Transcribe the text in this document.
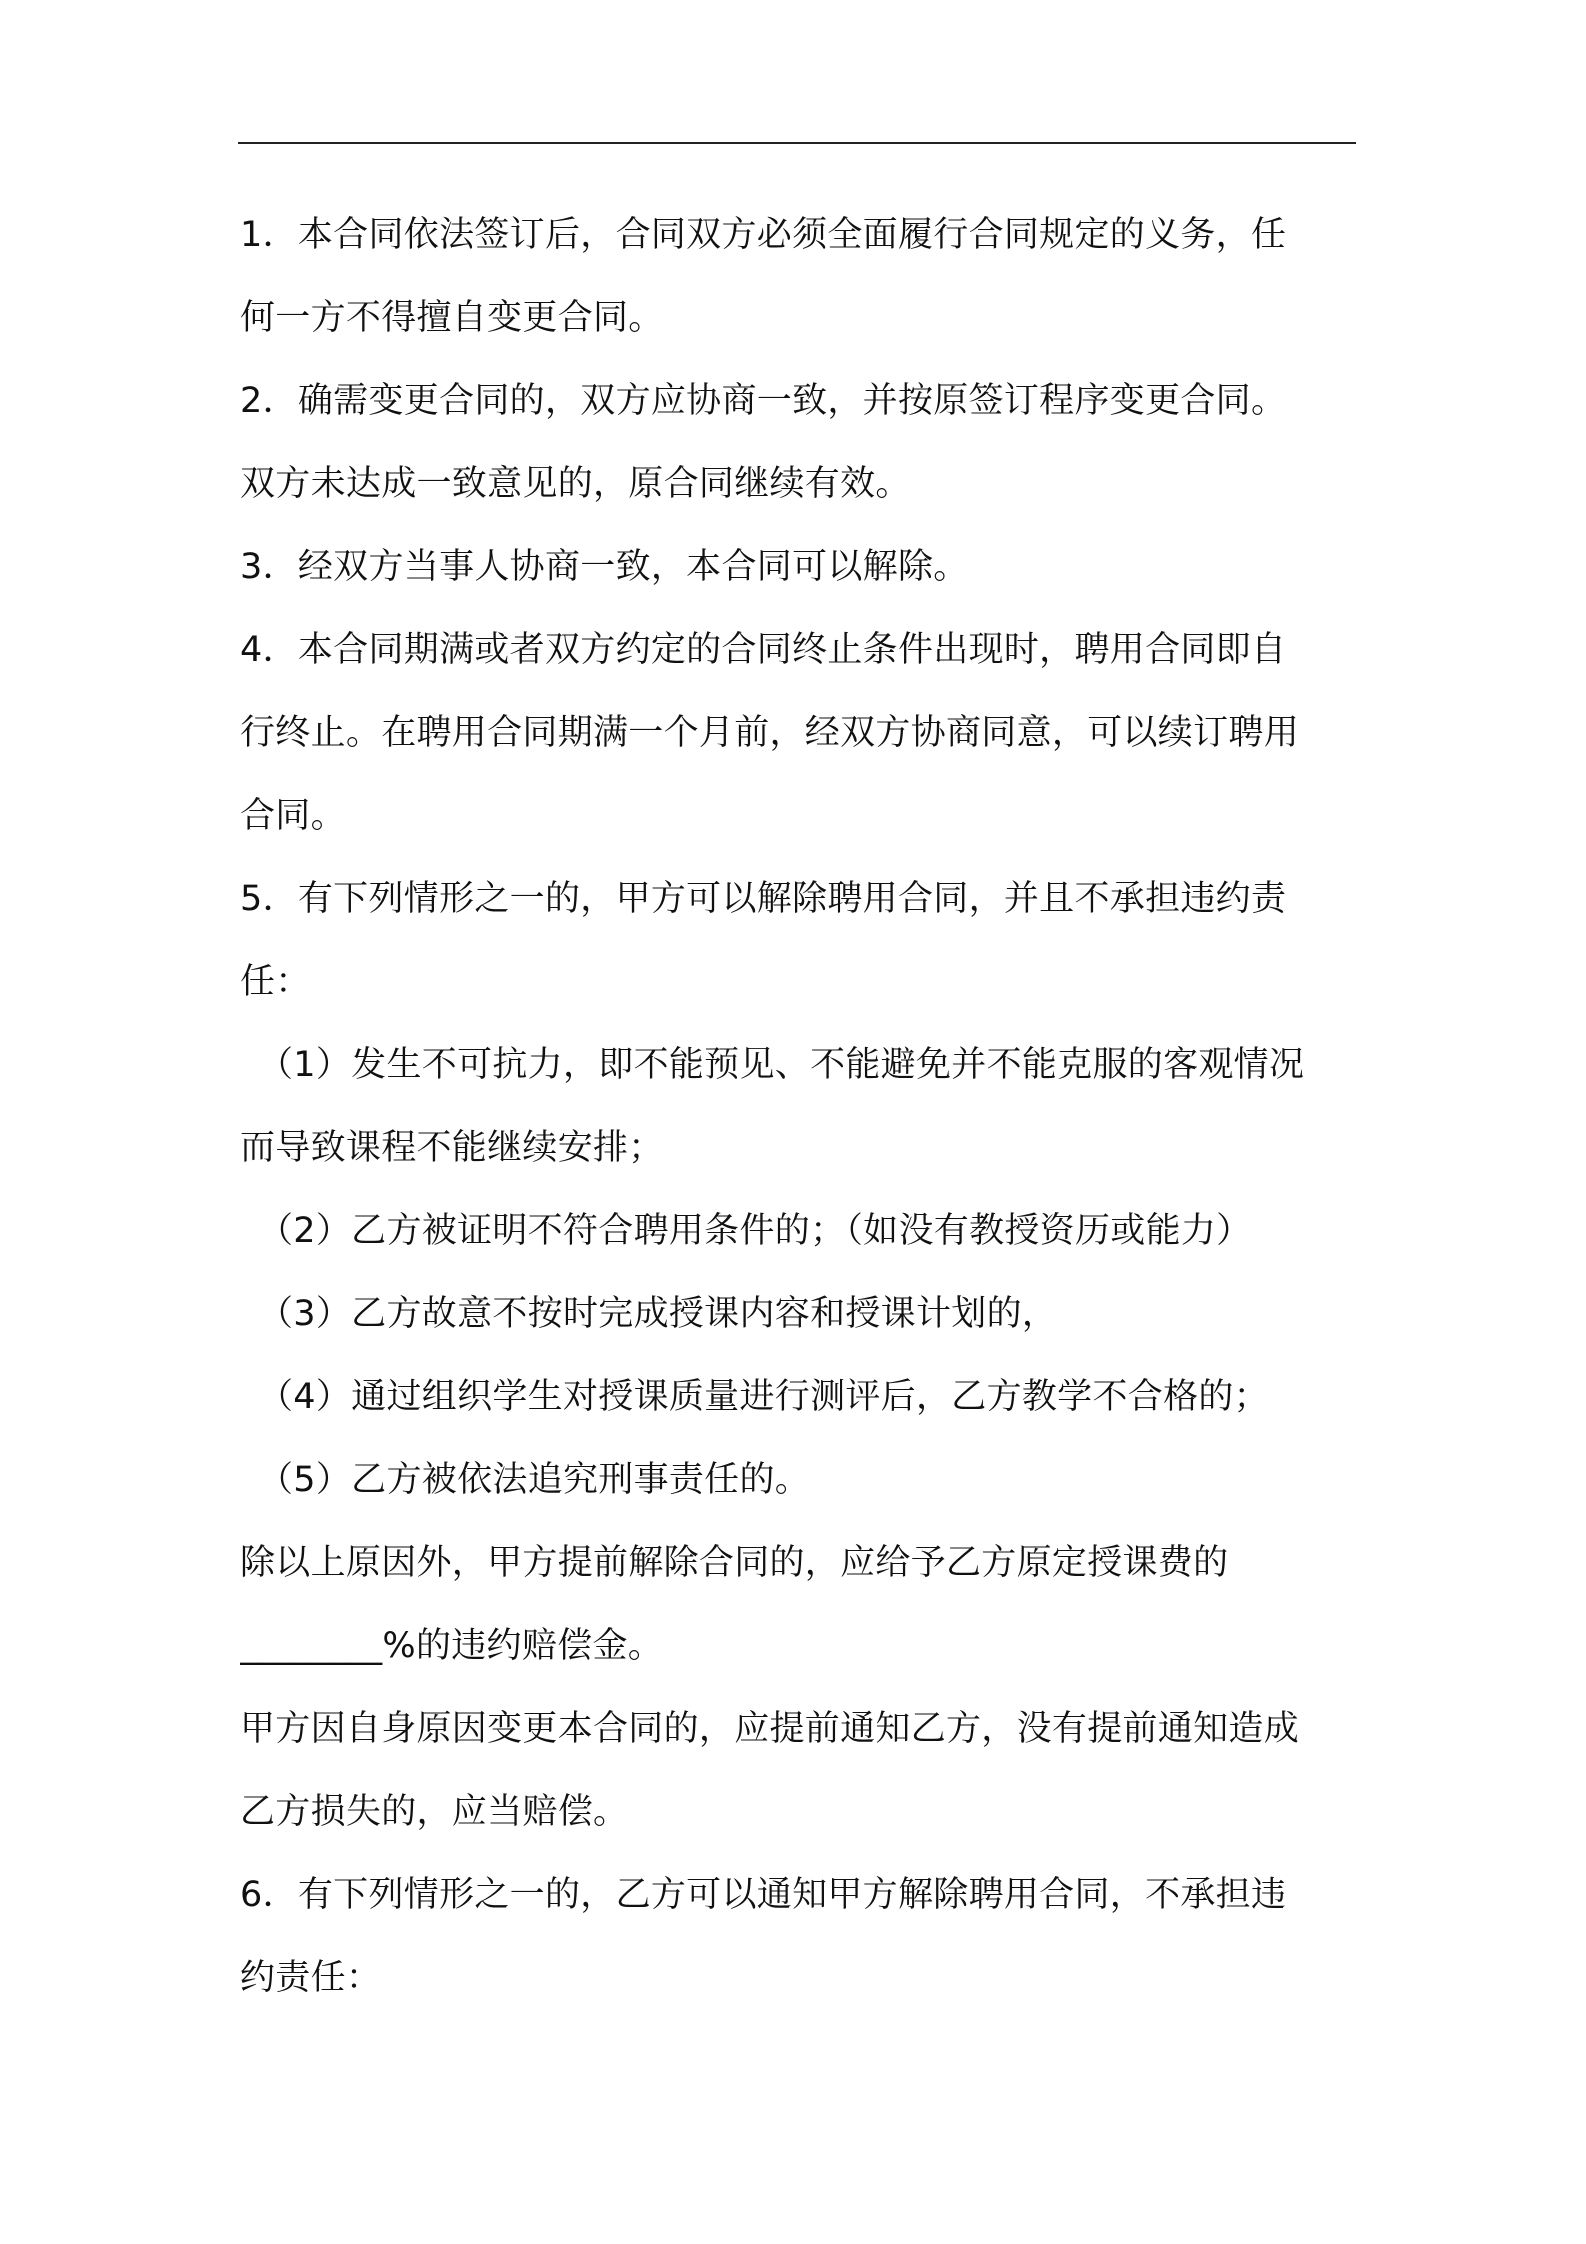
1．本合同依法签订后，合同双方必须全面履行合同规定的义务，任
何一方不得擅自变更合同。
2．确需变更合同的，双方应协商一致，并按原签订程序变更合同。
双方未达成一致意见的，原合同继续有效。
3．经双方当事人协商一致，本合同可以解除。
4．本合同期满或者双方约定的合同终止条件出现时，聘用合同即自
行终止。在聘用合同期满一个月前，经双方协商同意，可以续订聘用
合同。
5．有下列情形之一的，甲方可以解除聘用合同，并且不承担违约责
任：
（1）发生不可抗力，即不能预见、不能避免并不能克服的客观情况
而导致课程不能继续安排；
（2）乙方被证明不符合聘用条件的；（如没有教授资历或能力）
（3）乙方故意不按时完成授课内容和授课计划的，
（4）通过组织学生对授课质量进行测评后，乙方教学不合格的；
（5）乙方被依法追究刑事责任的。
除以上原因外，甲方提前解除合同的，应给予乙方原定授课费的
________%的违约赔偿金。
甲方因自身原因变更本合同的，应提前通知乙方，没有提前通知造成
乙方损失的，应当赔偿。
6．有下列情形之一的，乙方可以通知甲方解除聘用合同，不承担违
约责任：
